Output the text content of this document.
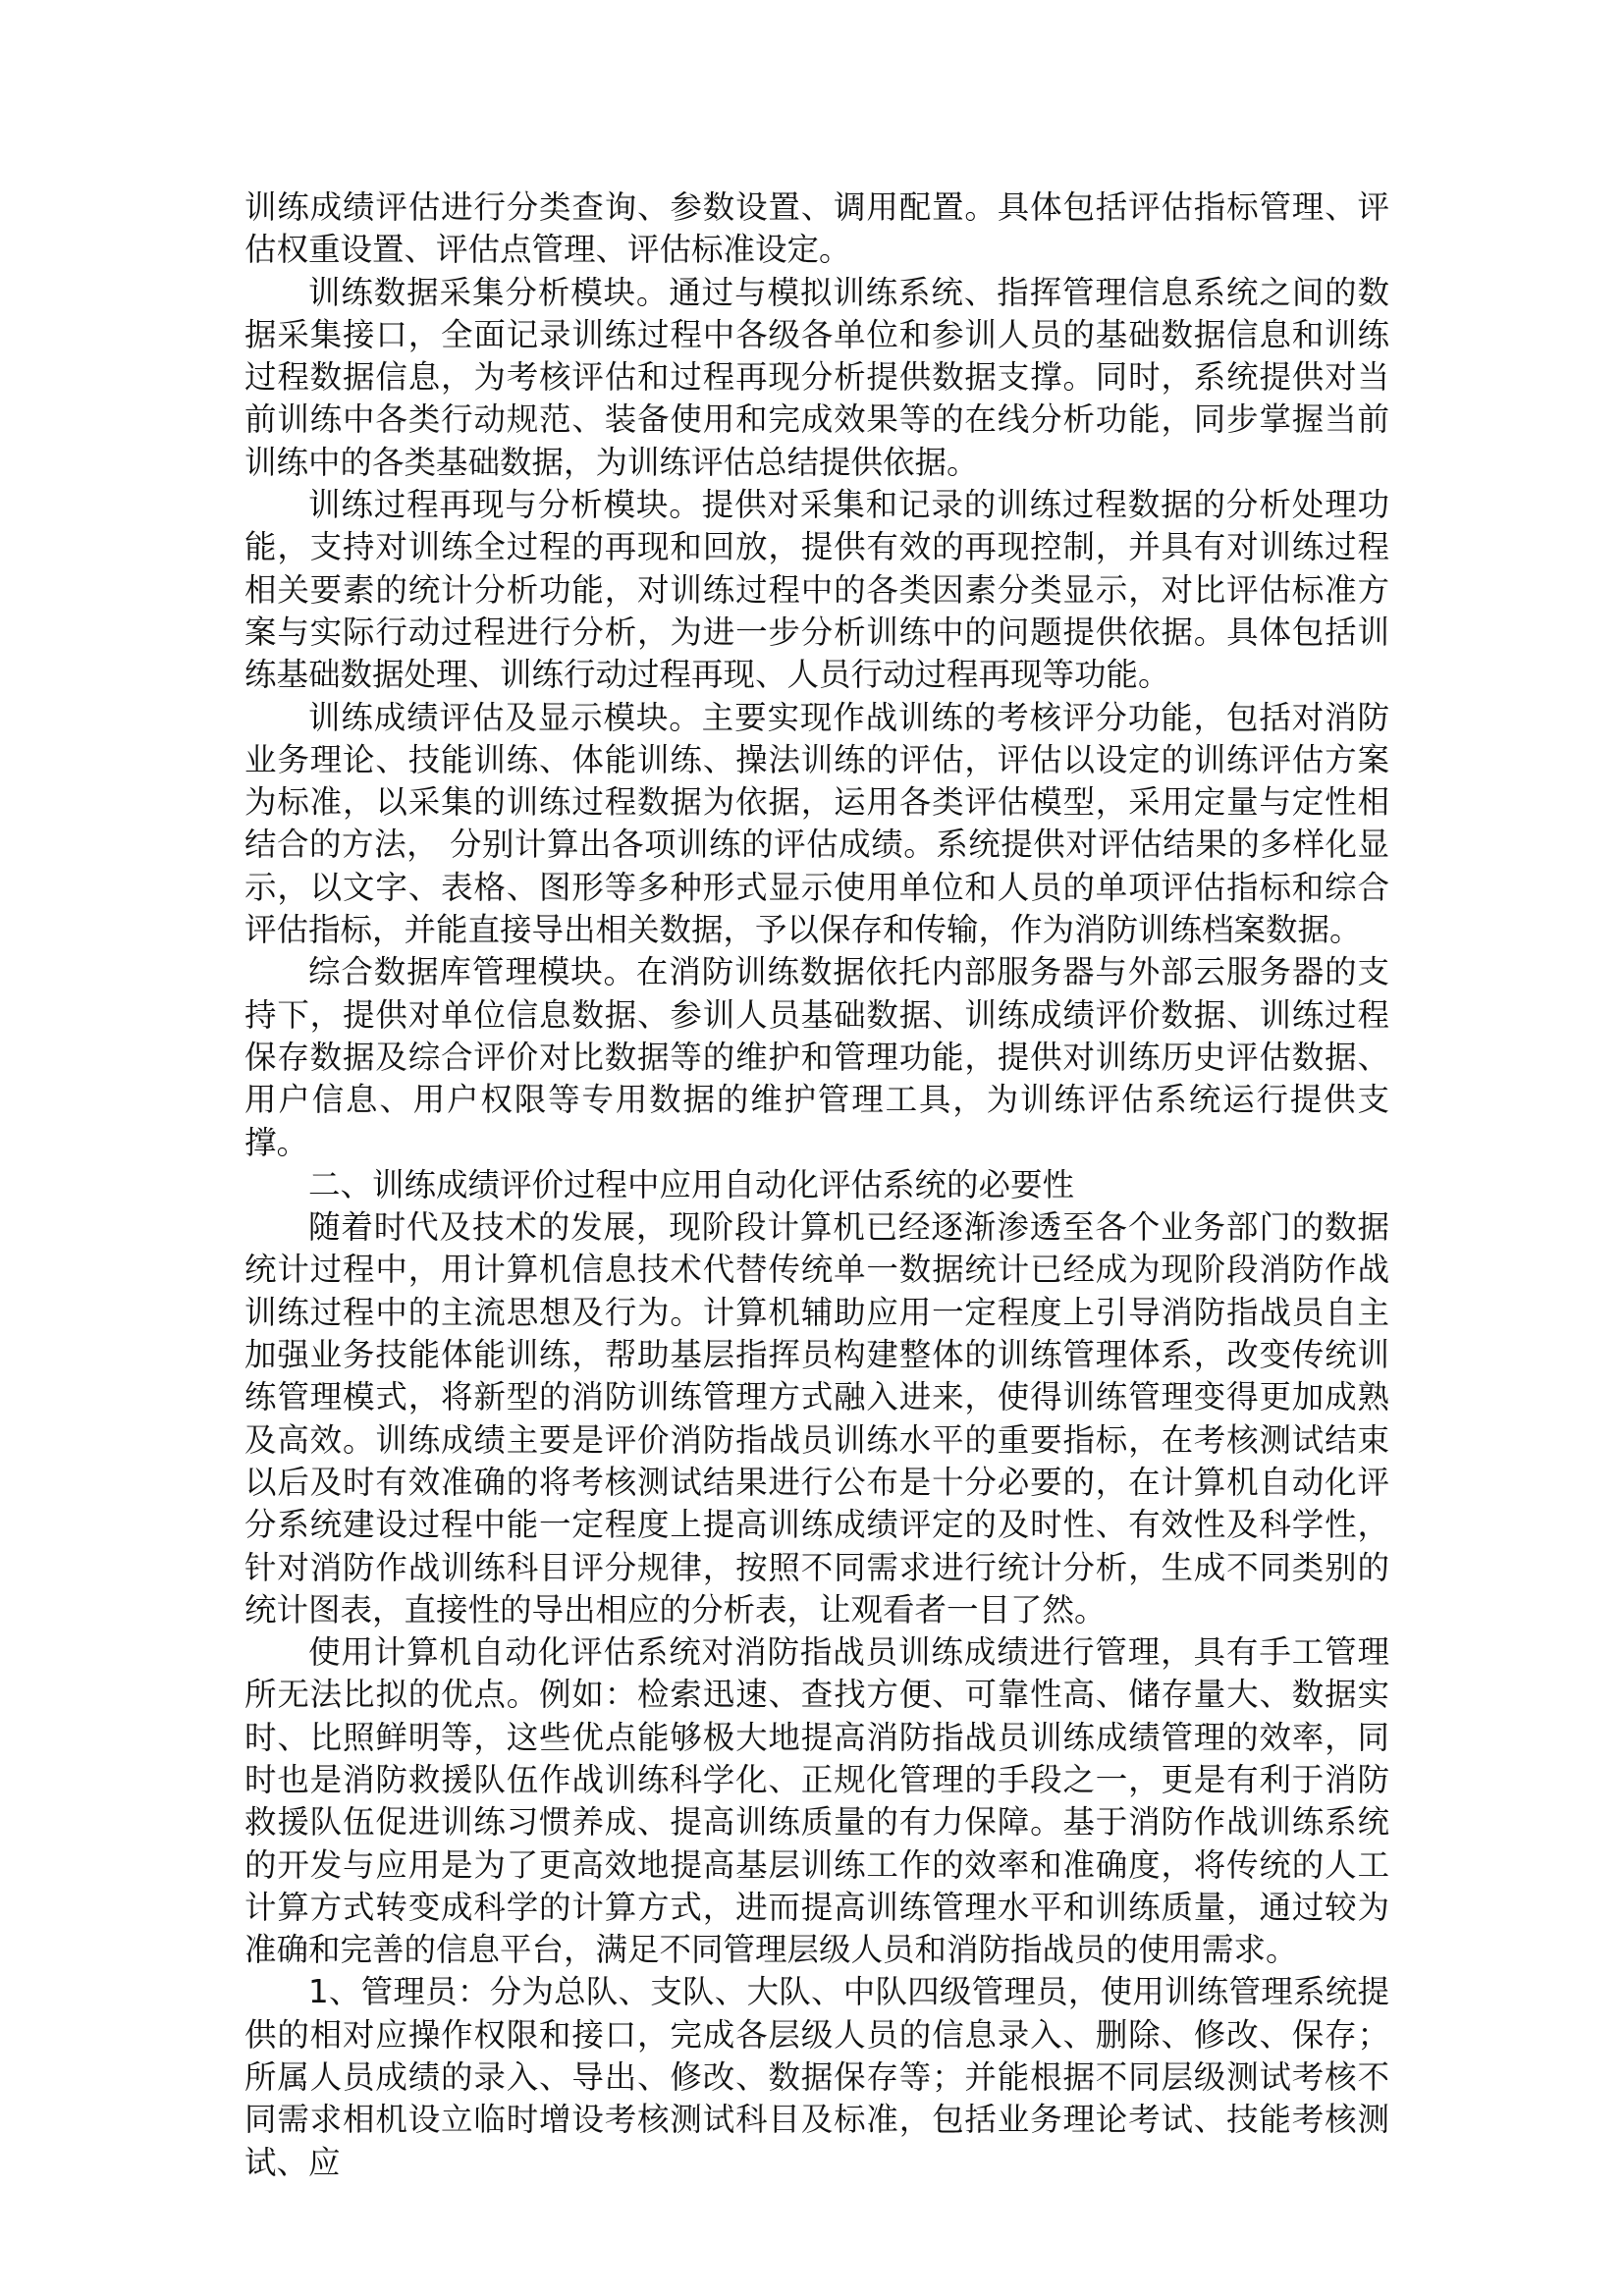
训练成绩评估进行分类查询、参数设置、调用配置。具体包括评估指标管理、评估权重设置、评估点管理、评估标准设定。

训练数据采集分析模块。通过与模拟训练系统、指挥管理信息系统之间的数据采集接口，全面记录训练过程中各级各单位和参训人员的基础数据信息和训练过程数据信息，为考核评估和过程再现分析提供数据支撑。同时，系统提供对当前训练中各类行动规范、装备使用和完成效果等的在线分析功能，同步掌握当前训练中的各类基础数据，为训练评估总结提供依据。

训练过程再现与分析模块。提供对采集和记录的训练过程数据的分析处理功能，支持对训练全过程的再现和回放，提供有效的再现控制，并具有对训练过程相关要素的统计分析功能，对训练过程中的各类因素分类显示，对比评估标准方案与实际行动过程进行分析，为进一步分析训练中的问题提供依据。具体包括训练基础数据处理、训练行动过程再现、人员行动过程再现等功能。

训练成绩评估及显示模块。主要实现作战训练的考核评分功能，包括对消防业务理论、技能训练、体能训练、操法训练的评估，评估以设定的训练评估方案为标准，以采集的训练过程数据为依据，运用各类评估模型，采用定量与定性相结合的方法， 分别计算出各项训练的评估成绩。系统提供对评估结果的多样化显示，以文字、表格、图形等多种形式显示使用单位和人员的单项评估指标和综合评估指标，并能直接导出相关数据，予以保存和传输，作为消防训练档案数据。

综合数据库管理模块。在消防训练数据依托内部服务器与外部云服务器的支持下，提供对单位信息数据、参训人员基础数据、训练成绩评价数据、训练过程保存数据及综合评价对比数据等的维护和管理功能，提供对训练历史评估数据、用户信息、用户权限等专用数据的维护管理工具，为训练评估系统运行提供支撑。

二、训练成绩评价过程中应用自动化评估系统的必要性

随着时代及技术的发展，现阶段计算机已经逐渐渗透至各个业务部门的数据统计过程中，用计算机信息技术代替传统单一数据统计已经成为现阶段消防作战训练过程中的主流思想及行为。计算机辅助应用一定程度上引导消防指战员自主加强业务技能体能训练，帮助基层指挥员构建整体的训练管理体系，改变传统训练管理模式，将新型的消防训练管理方式融入进来，使得训练管理变得更加成熟及高效。训练成绩主要是评价消防指战员训练水平的重要指标，在考核测试结束以后及时有效准确的将考核测试结果进行公布是十分必要的，在计算机自动化评分系统建设过程中能一定程度上提高训练成绩评定的及时性、有效性及科学性，针对消防作战训练科目评分规律，按照不同需求进行统计分析，生成不同类别的统计图表，直接性的导出相应的分析表，让观看者一目了然。

使用计算机自动化评估系统对消防指战员训练成绩进行管理，具有手工管理所无法比拟的优点。例如：检索迅速、查找方便、可靠性高、储存量大、数据实时、比照鲜明等，这些优点能够极大地提高消防指战员训练成绩管理的效率，同时也是消防救援队伍作战训练科学化、正规化管理的手段之一，更是有利于消防救援队伍促进训练习惯养成、提高训练质量的有力保障。基于消防作战训练系统的开发与应用是为了更高效地提高基层训练工作的效率和准确度，将传统的人工计算方式转变成科学的计算方式，进而提高训练管理水平和训练质量，通过较为准确和完善的信息平台，满足不同管理层级人员和消防指战员的使用需求。

1、管理员：分为总队、支队、大队、中队四级管理员，使用训练管理系统提供的相对应操作权限和接口，完成各层级人员的信息录入、删除、修改、保存；所属人员成绩的录入、导出、修改、数据保存等；并能根据不同层级测试考核不同需求相机设立临时增设考核测试科目及标准，包括业务理论考试、技能考核测试、应
